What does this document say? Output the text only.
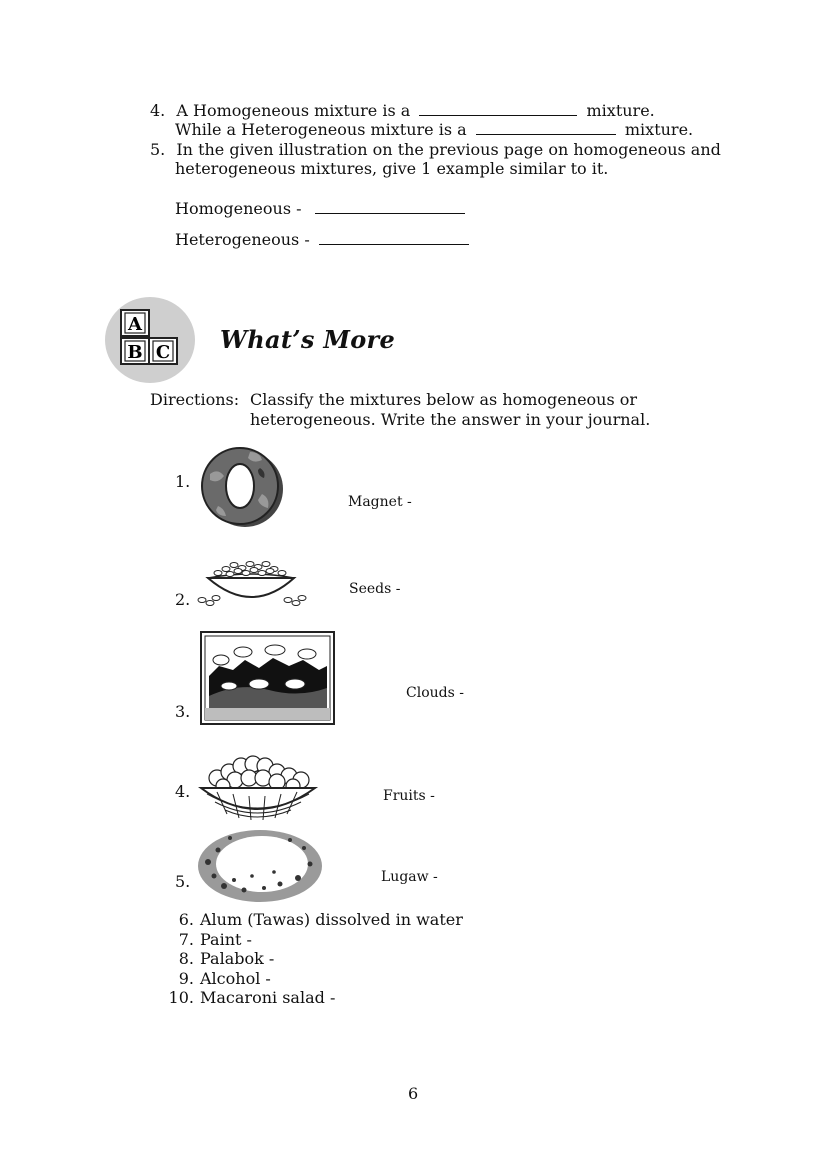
4. A Homogeneous mixture is a	mixture.
While a Heterogeneous mixture is a	mixture.
5. In the given illustration on the previous page on homogeneous and
heterogeneous mixtures, give 1 example similar to it.
Homogeneous -
Heterogeneous -
A
B C What’s More
Directions: Classify the mixtures below as homogeneous or
heterogeneous. Write the answer in your journal.
1.
Magnet -
2.
Seeds -
3.
Clouds -
4.	Fruits -
5.	Lugaw -
6. Alum (Tawas) dissolved in water
7. Paint -
8. Palabok -
9. Alcohol -
10. Macaroni salad -
6
